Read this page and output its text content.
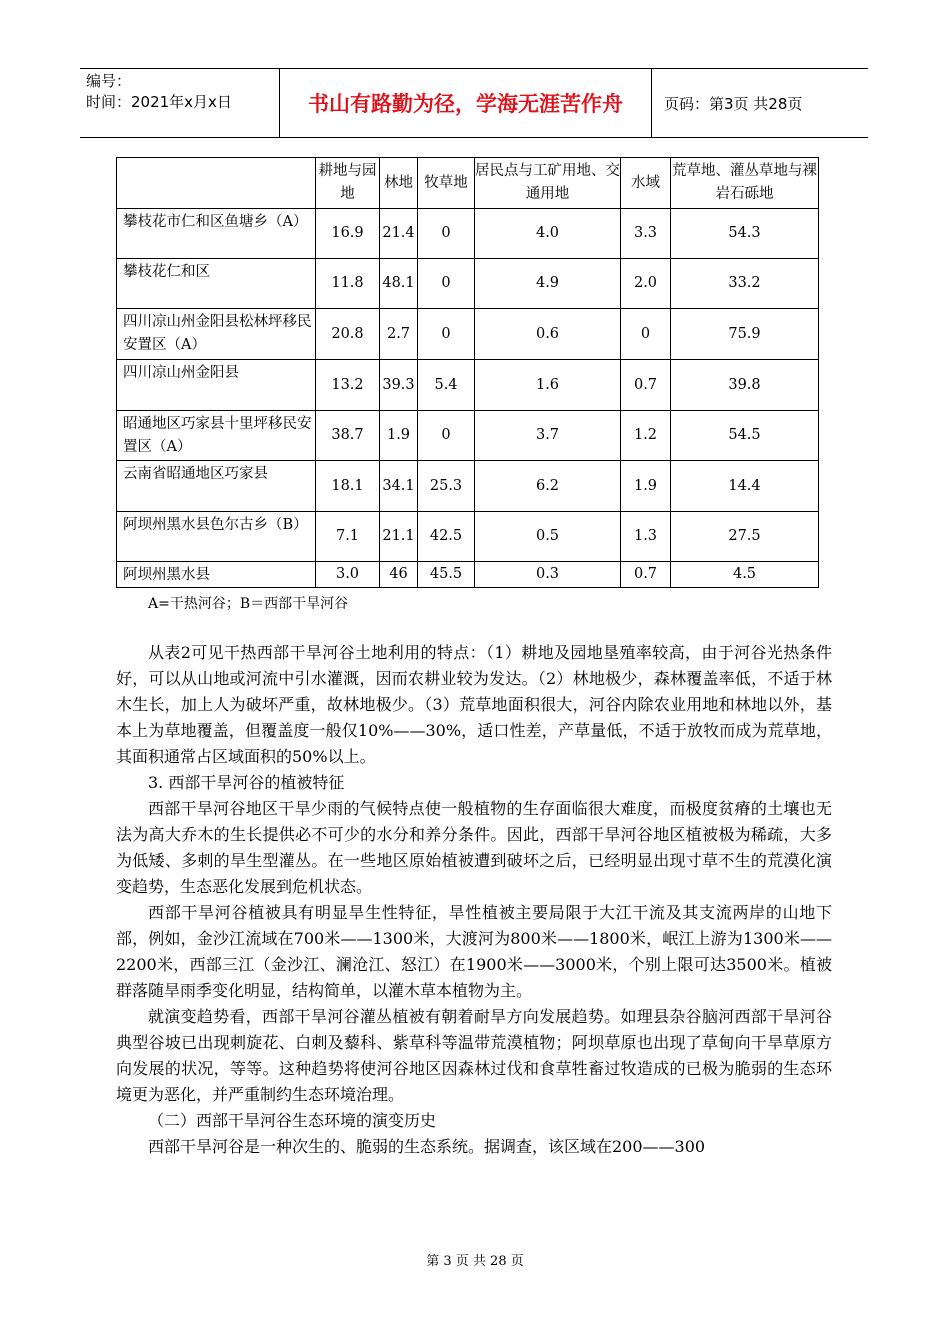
编号：
时间：2021年x月x日	书山有路勤为径，学海无涯苦作舟	页码：第3页 共28页
	耕地与园地	林地	牧草地	居民点与工矿用地、交通用地	水域	荒草地、灌丛草地与裸岩石砾地
攀枝花市仁和区鱼塘乡（A）	16.9	21.4	0	4.0	3.3	54.3
攀枝花仁和区	11.8	48.1	0	4.9	2.0	33.2
四川凉山州金阳县松林坪移民安置区（A）	20.8	2.7	0	0.6	0	75.9
四川凉山州金阳县	13.2	39.3	5.4	1.6	0.7	39.8
昭通地区巧家县十里坪移民安置区（A）	38.7	1.9	0	3.7	1.2	54.5
云南省昭通地区巧家县	18.1	34.1	25.3	6.2	1.9	14.4
阿坝州黑水县色尔古乡（B）	7.1	21.1	42.5	0.5	1.3	27.5
阿坝州黑水县	3.0	46	45.5	0.3	0.7	4.5
A=干热河谷；B＝西部干旱河谷

从表2可见干热西部干旱河谷土地利用的特点：（1）耕地及园地垦殖率较高，由于河谷光热条件好，可以从山地或河流中引水灌溉，因而农耕业较为发达。（2）林地极少，森林覆盖率低，不适于林木生长，加上人为破坏严重，故林地极少。（3）荒草地面积很大，河谷内除农业用地和林地以外，基本上为草地覆盖，但覆盖度一般仅10%——30%，适口性差，产草量低，不适于放牧而成为荒草地，其面积通常占区域面积的50%以上。

3. 西部干旱河谷的植被特征

西部干旱河谷地区干旱少雨的气候特点使一般植物的生存面临很大难度，而极度贫瘠的土壤也无法为高大乔木的生长提供必不可少的水分和养分条件。因此，西部干旱河谷地区植被极为稀疏，大多为低矮、多刺的旱生型灌丛。在一些地区原始植被遭到破坏之后，已经明显出现寸草不生的荒漠化演变趋势，生态恶化发展到危机状态。

西部干旱河谷植被具有明显旱生性特征，旱性植被主要局限于大江干流及其支流两岸的山地下部，例如，金沙江流域在700米——1300米，大渡河为800米——1800米，岷江上游为1300米——2200米，西部三江（金沙江、澜沧江、怒江）在1900米——3000米，个别上限可达3500米。植被群落随旱雨季变化明显，结构简单，以灌木草本植物为主。

就演变趋势看，西部干旱河谷灌丛植被有朝着耐旱方向发展趋势。如理县杂谷脑河西部干旱河谷典型谷坡已出现刺旋花、白刺及藜科、紫草科等温带荒漠植物；阿坝草原也出现了草甸向干旱草原方向发展的状况，等等。这种趋势将使河谷地区因森林过伐和食草牲畜过牧造成的已极为脆弱的生态环境更为恶化，并严重制约生态环境治理。

（二）西部干旱河谷生态环境的演变历史

西部干旱河谷是一种次生的、脆弱的生态系统。据调查，该区域在200——300

第 3 页 共 28 页
